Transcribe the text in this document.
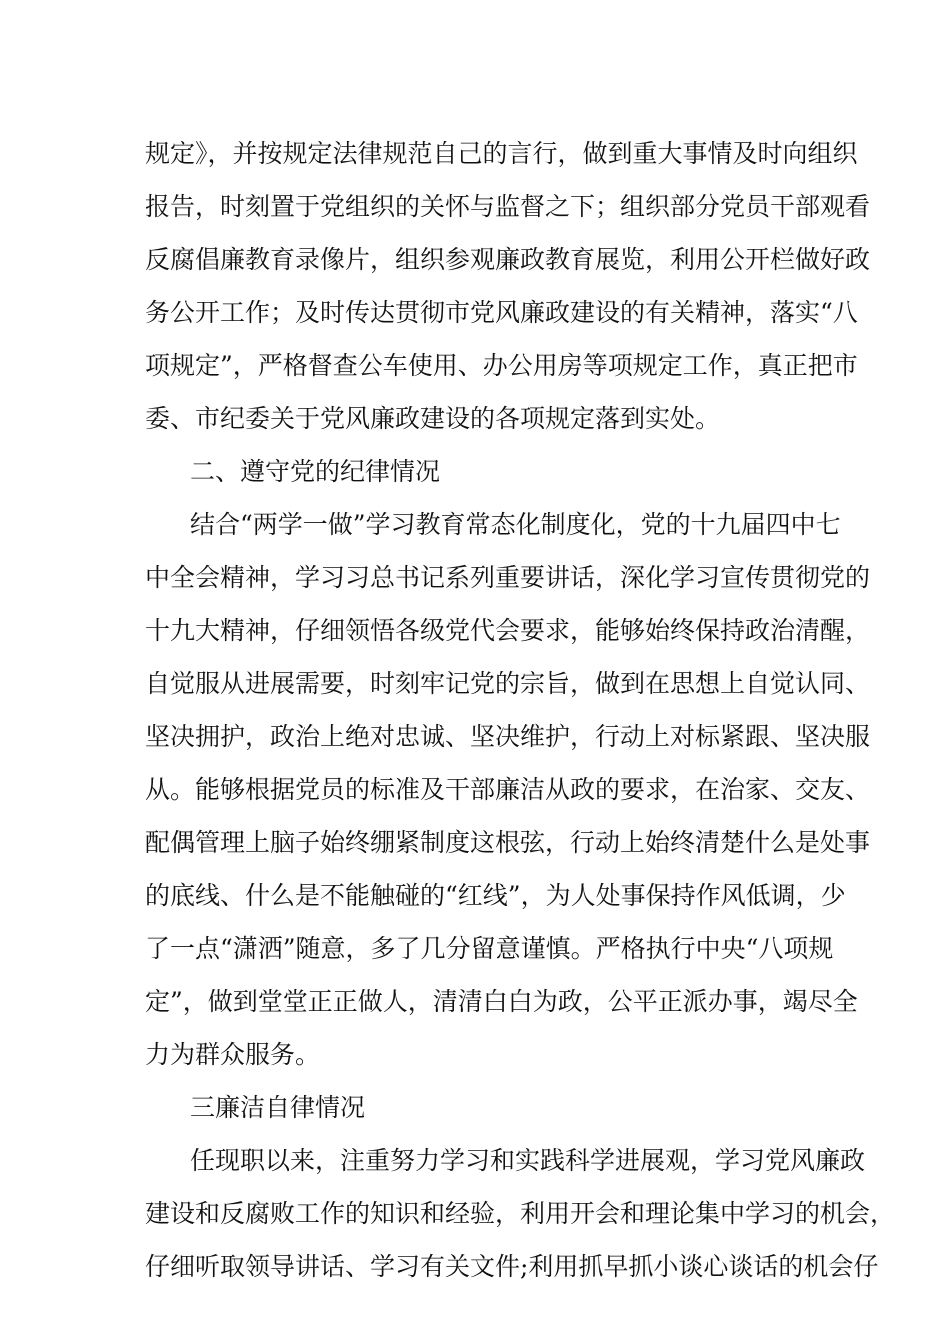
规定》，并按规定法律规范自己的言行，做到重大事情及时向组织

报告，时刻置于党组织的关怀与监督之下；组织部分党员干部观看

反腐倡廉教育录像片，组织参观廉政教育展览，利用公开栏做好政

务公开工作；及时传达贯彻市党风廉政建设的有关精神，落实“八

项规定”，严格督查公车使用、办公用房等项规定工作，真正把市

委、市纪委关于党风廉政建设的各项规定落到实处。

二、遵守党的纪律情况

结合“两学一做”学习教育常态化制度化，党的十九届四中七

中全会精神，学习习总书记系列重要讲话，深化学习宣传贯彻党的

十九大精神，仔细领悟各级党代会要求，能够始终保持政治清醒，

自觉服从进展需要，时刻牢记党的宗旨，做到在思想上自觉认同、

坚决拥护，政治上绝对忠诚、坚决维护，行动上对标紧跟、坚决服

从。能够根据党员的标准及干部廉洁从政的要求，在治家、交友、

配偶管理上脑子始终绷紧制度这根弦，行动上始终清楚什么是处事

的底线、什么是不能触碰的“红线”，为人处事保持作风低调，少

了一点“潇洒”随意，多了几分留意谨慎。严格执行中央“八项规

定”，做到堂堂正正做人，清清白白为政，公平正派办事，竭尽全

力为群众服务。

三廉洁自律情况

任现职以来，注重努力学习和实践科学进展观，学习党风廉政

建设和反腐败工作的知识和经验，利用开会和理论集中学习的机会，

仔细听取领导讲话、学习有关文件;利用抓早抓小谈心谈话的机会仔
